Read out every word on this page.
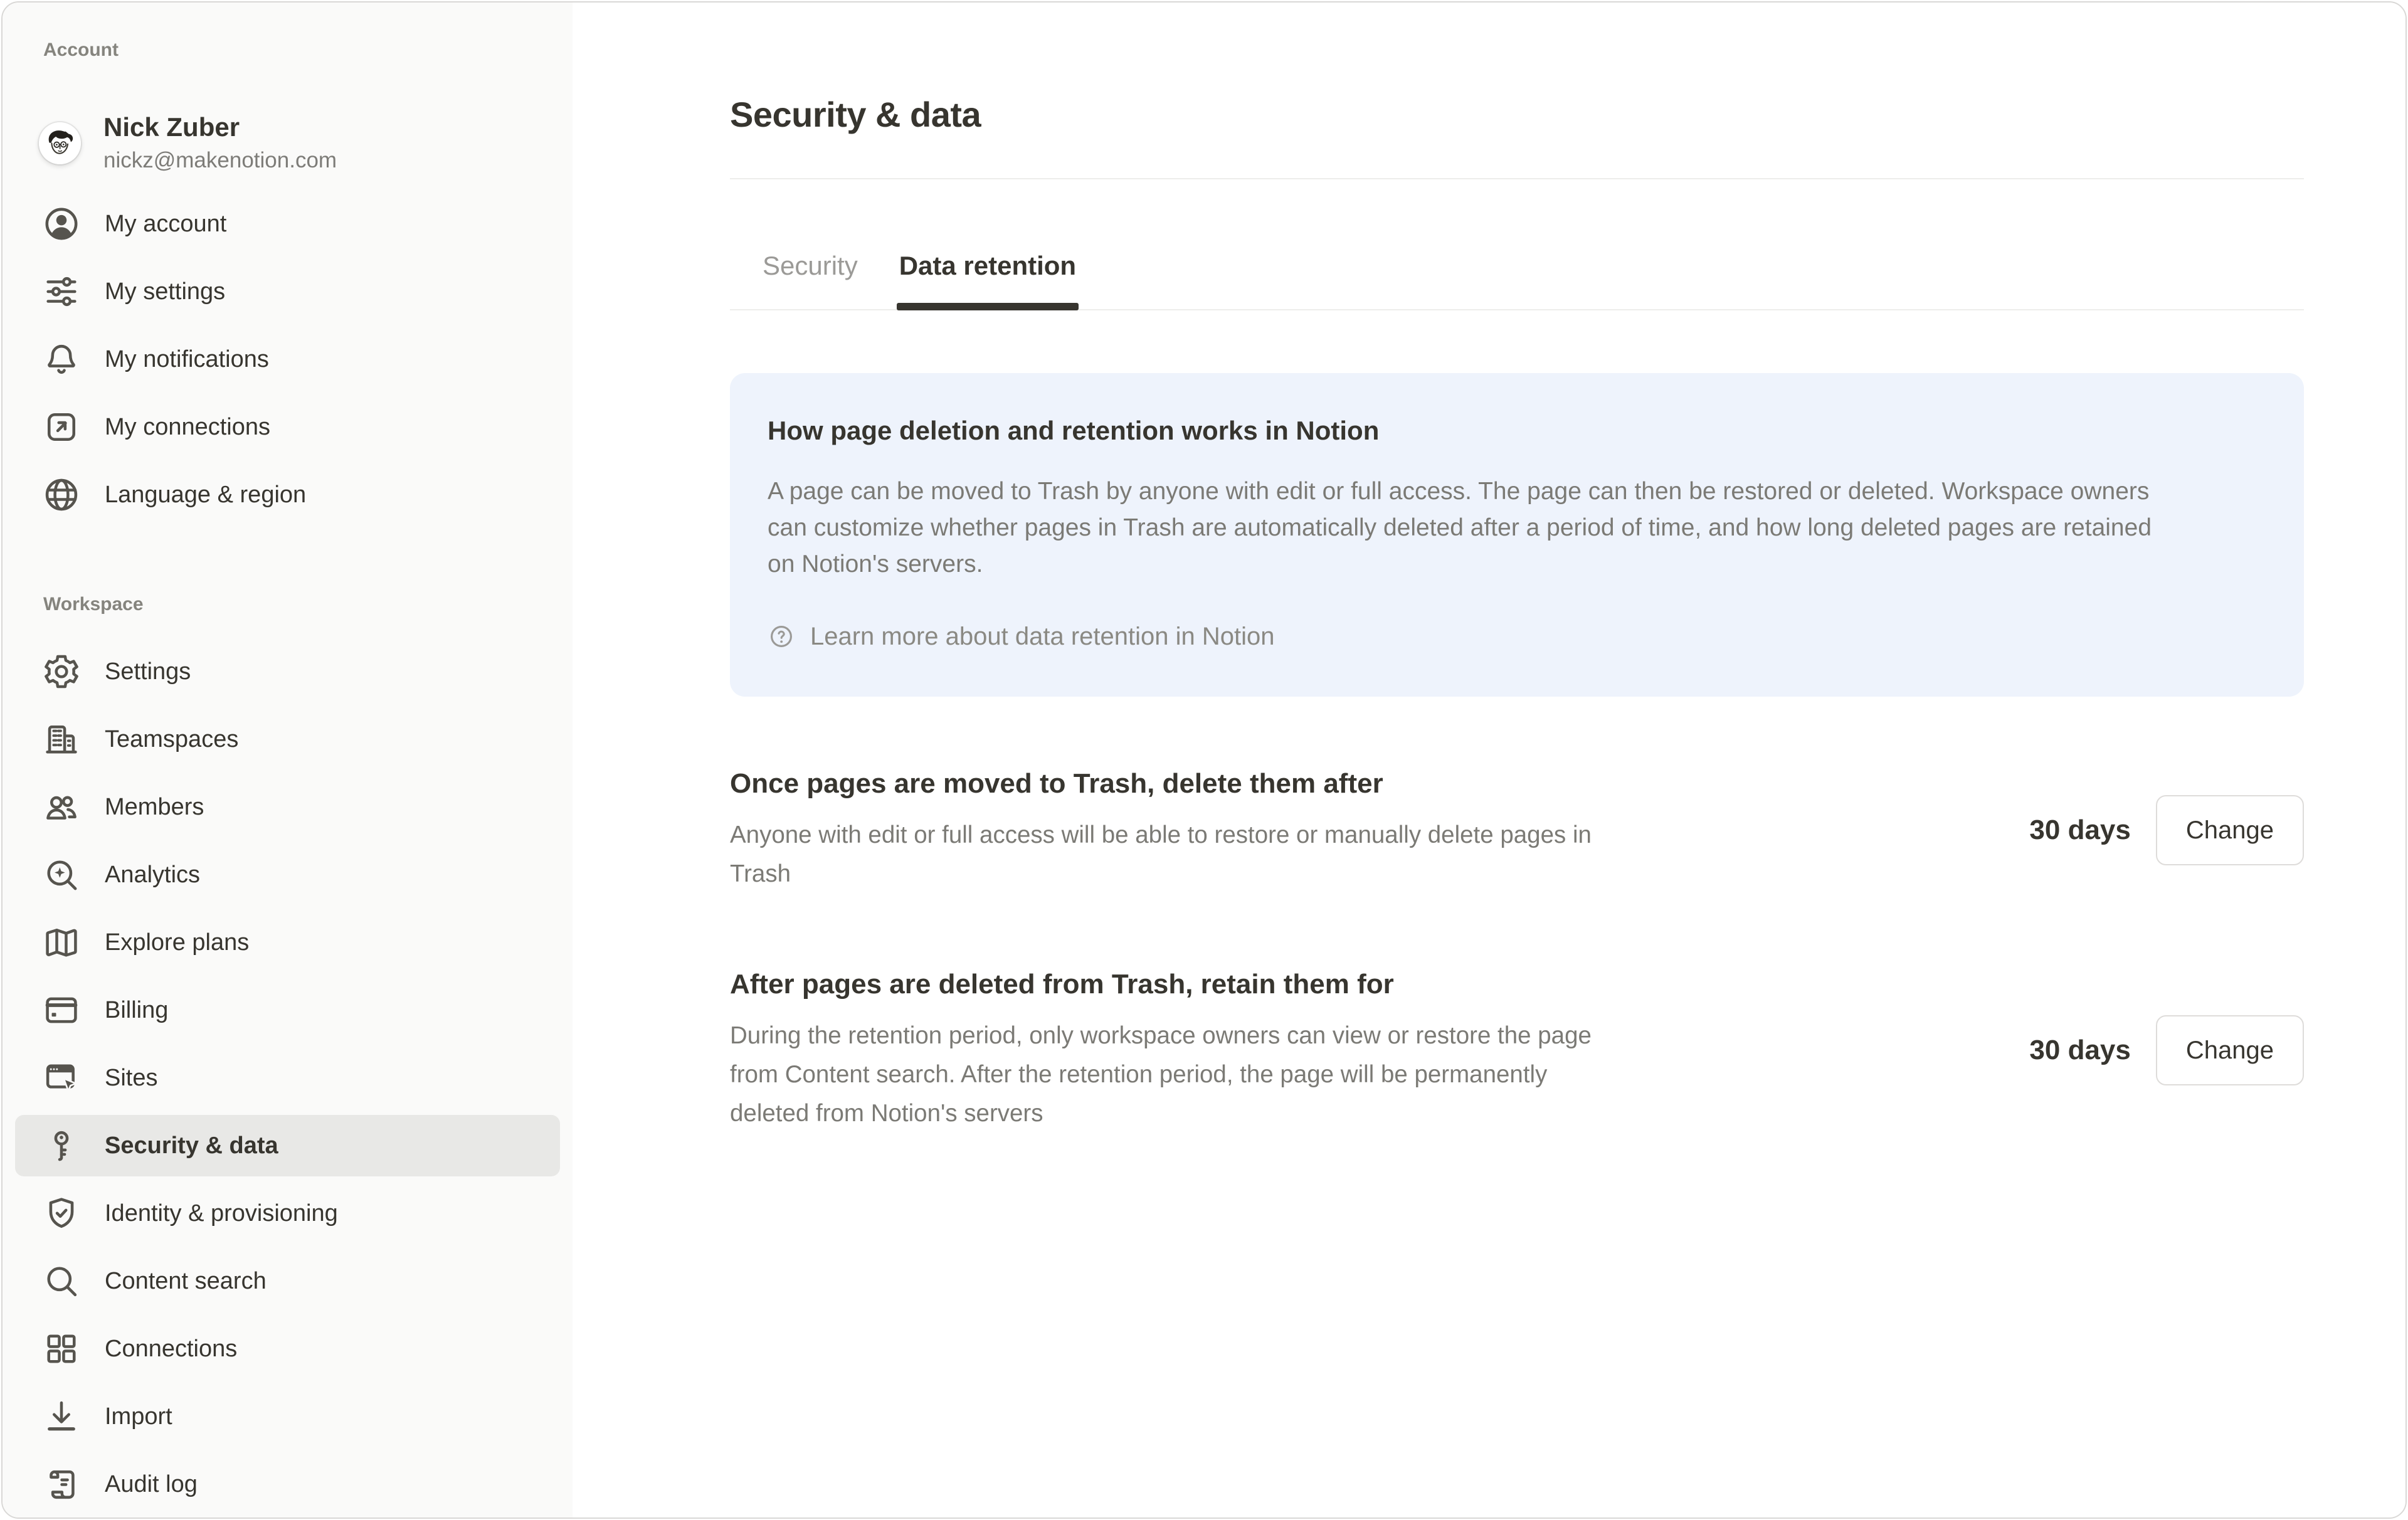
Account
Nick Zuber
nickz@makenotion.com
My account
My settings
My notifications
My connections
Language & region
Workspace
Settings
Teamspaces
Members
Analytics
Explore plans
Billing
Sites
Security & data
Identity & provisioning
Content search
Connections
Import
Audit log
Security & data
Security Data retention
How page deletion and retention works in Notion
A page can be moved to Trash by anyone with edit or full access. The page can then be restored or deleted. Workspace owners can customize whether pages in Trash are automatically deleted after a period of time, and how long deleted pages are retained on Notion's servers.
Learn more about data retention in Notion
Once pages are moved to Trash, delete them after
Anyone with edit or full access will be able to restore or manually delete pages in Trash
30 days	Change
After pages are deleted from Trash, retain them for
During the retention period, only workspace owners can view or restore the page from Content search. After the retention period, the page will be permanently deleted from Notion's servers
30 days	Change
